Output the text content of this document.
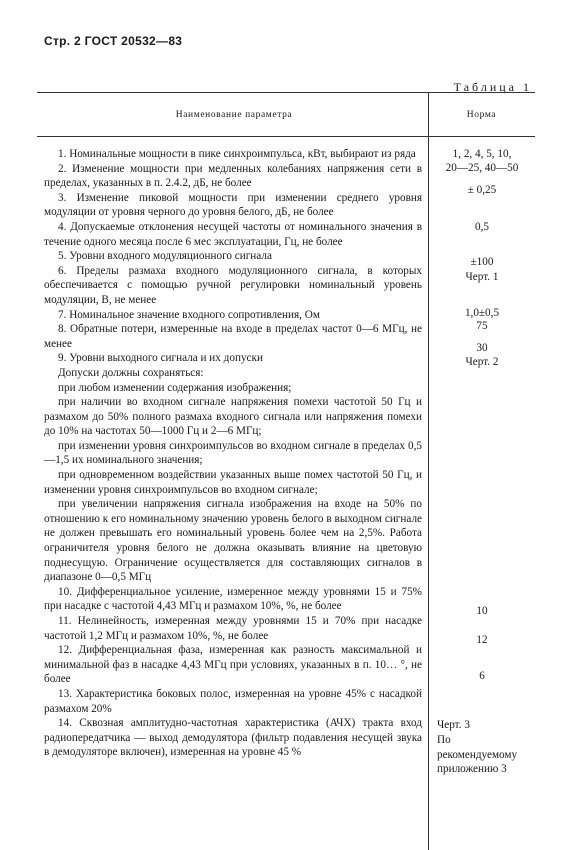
Стр. 2 ГОСТ 20532—83
Таблица 1
Наименование параметра	Норма

1. Номинальные мощности в пике синхроимпульса, кВт, выбирают из ряда

2. Изменение мощности при медленных колебаниях напряжения сети в пределах, указанных в п. 2.4.2, дБ, не более

3. Изменение пиковой мощности при изменении среднего уровня модуляции от уровня черного до уровня белого, дБ, не более

4. Допускаемые отклонения несущей частоты от номинального значения в течение одного месяца после 6 мес эксплуатации, Гц, не более

5. Уровни входного модуляционного сигнала

6. Пределы размаха входного модуляционного сигнала, в которых обеспечивается с помощью ручной регулировки номинальный уровень модуляции, В, не менее

7. Номинальное значение входного сопротивления, Ом

8. Обратные потери, измеренные на входе в пределах частот 0—6 МГц, не менее

9. Уровни выходного сигнала и их допуски

Допуски должны сохраняться:

при любом изменении содержания изображения;

при наличии во входном сигнале напряжения помехи частотой 50 Гц и размахом до 50% полного размаха входного сигнала или напряжения помехи до 10% на частотах 50—1000 Гц и 2—6 МГц;

при изменении уровня синхроимпульсов во входном сигнале в пределах 0,5—1,5 их номинального значения;

при одновременном воздействии указанных выше помех частотой 50 Гц, и изменении уровня синхроимпульсов во входном сигнале;

при увеличении напряжения сигнала изображения на входе на 50% по отношению к его номинальному значению уровень белого в выходном сигнале не должен превышать его номинальный уровень более чем на 2,5%. Работа ограничителя уровня белого не должна оказывать влияние на цветовую поднесущую. Ограничение осуществляется для составляющих сигналов в диапазоне 0—0,5 МГц

10. Дифференциальное усиление, измеренное между уровнями 15 и 75% при насадке с частотой 4,43 МГц и размахом 10%, %, не более

11. Нелинейность, измеренная между уровнями 15 и 70% при насадке частотой 1,2 МГц и размахом 10%, %, не более

12. Дифференциальная фаза, измеренная как разность максимальной и минимальной фаз в насадке 4,43 МГц при условиях, указанных в п. 10… °, не более

13. Характеристика боковых полос, измеренная на уровне 45% с насадкой размахом 20%

14. Сквозная амплитудно-частотная характеристика (АЧХ) тракта вход радиопередатчика — выход демодулятора (фильтр подавления несущей звука в демодуляторе включен), измеренная на уровне 45 %

1, 2, 4, 5, 10,
20—25, 40—50
± 0,25
0,5
±100
Черт. 1
1,0±0,5
75
30
Черт. 2
10
12
6
Черт. 3
По рекомендуемому приложению 3
